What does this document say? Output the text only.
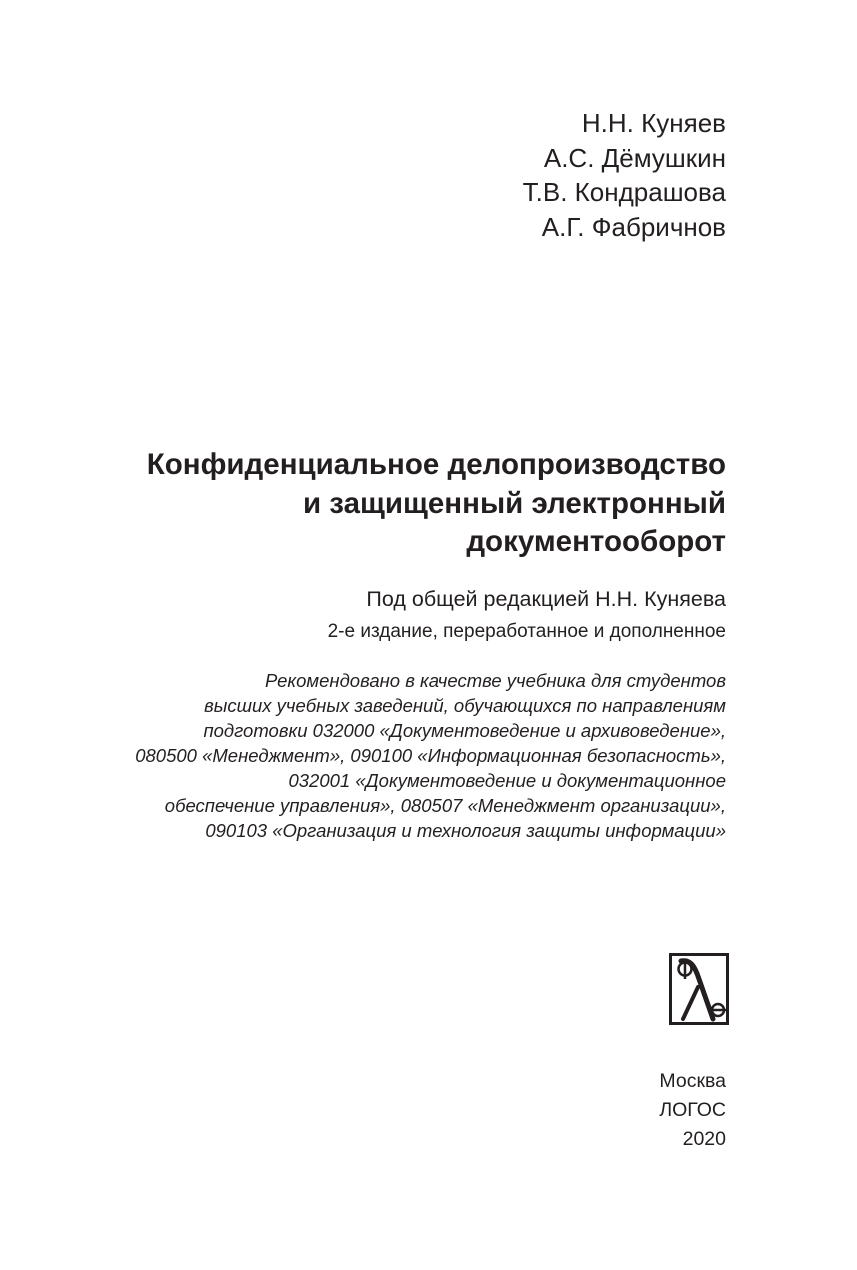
Н.Н. Куняев
А.С. Дёмушкин
Т.В. Кондрашова
А.Г. Фабричнов
Конфиденциальное делопроизводство
и защищенный электронный
документооборот
Под общей редакцией Н.Н. Куняева
2-е издание, переработанное и дополненное
Рекомендовано в качестве учебника для студентов
высших учебных заведений, обучающихся по направлениям
подготовки 032000 «Документоведение и архивоведение»,
080500 «Менеджмент», 090100 «Информационная безопасность»,
032001 «Документоведение и документационное
обеспечение управления», 080507 «Менеджмент организации»,
090103 «Организация и технология защиты информации»
Москва
ЛОГОС
2020
